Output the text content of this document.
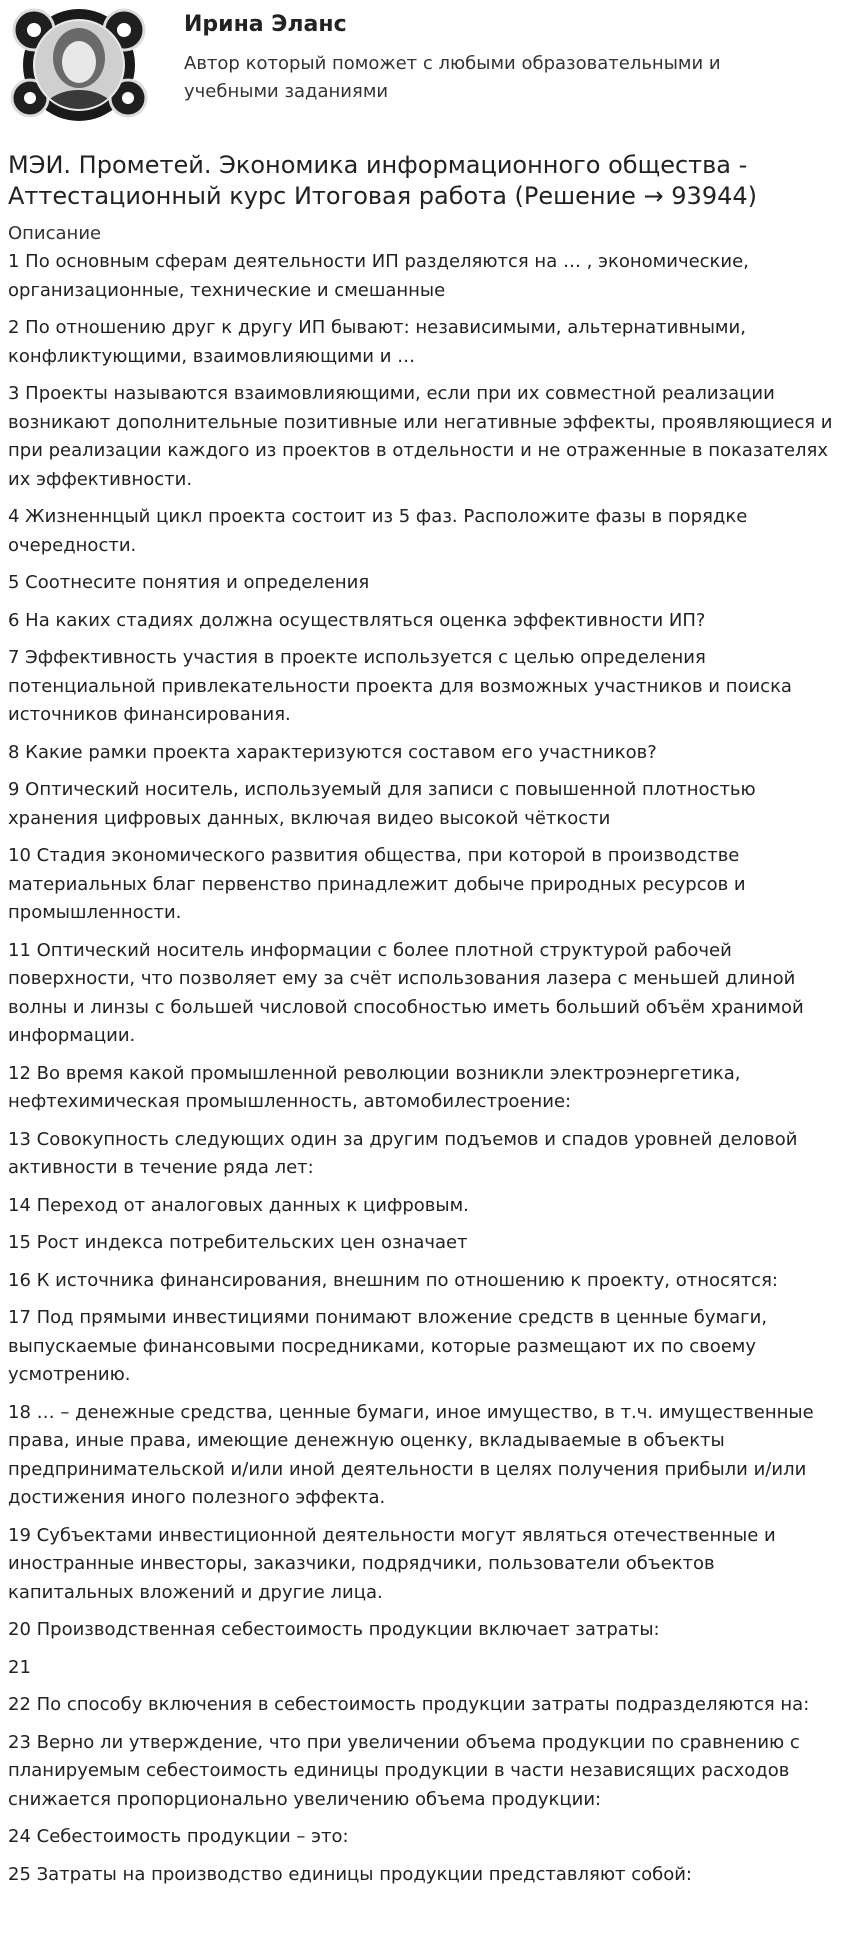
Ирина Эланс
Автор который поможет с любыми образовательными и учебными заданиями
МЭИ. Прометей. Экономика информационного общества - Аттестационный курс Итоговая работа (Решение → 93944)
Описание
1 По основным сферам деятельности ИП разделяются на … , экономические, организационные, технические и смешанные
2 По отношению друг к другу ИП бывают: независимыми, альтернативными, конфликтующими, взаимовлияющими и …
3 Проекты называются взаимовлияющими, если при их совместной реализации возникают дополнительные позитивные или негативные эффекты, проявляющиеся и при реализации каждого из проектов в отдельности и не отраженные в показателях их эффективности.
4 Жизненнцый цикл проекта состоит из 5 фаз. Расположите фазы в порядке очередности.
5 Соотнесите понятия и определения
6 На каких стадиях должна осуществляться оценка эффективности ИП?
7 Эффективность участия в проекте используется с целью определения потенциальной привлекательности проекта для возможных участников и поиска источников финансирования.
8 Какие рамки проекта характеризуются составом его участников?
9 Оптический носитель, используемый для записи с повышенной плотностью хранения цифровых данных, включая видео высокой чёткости
10 Стадия экономического развития общества, при которой в производстве материальных благ первенство принадлежит добыче природных ресурсов и промышленности.
11 Оптический носитель информации с более плотной структурой рабочей поверхности, что позволяет ему за счёт использования лазера с меньшей длиной волны и линзы с большей числовой способностью иметь больший объём хранимой информации.
12 Во время какой промышленной революции возникли электроэнергетика, нефтехимическая промышленность, автомобилестроение:
13 Совокупность следующих один за другим подъемов и спадов уровней деловой активности в течение ряда лет:
14 Переход от аналоговых данных к цифровым.
15 Рост индекса потребительских цен означает
16 К источника финансирования, внешним по отношению к проекту, относятся:
17 Под прямыми инвестициями понимают вложение средств в ценные бумаги, выпускаемые финансовыми посредниками, которые размещают их по своему усмотрению.
18 … – денежные средства, ценные бумаги, иное имущество, в т.ч. имущественные права, иные права, имеющие денежную оценку, вкладываемые в объекты предпринимательской и/или иной деятельности в целях получения прибыли и/или достижения иного полезного эффекта.
19 Субъектами инвестиционной деятельности могут являться отечественные и иностранные инвесторы, заказчики, подрядчики, пользователи объектов капитальных вложений и другие лица.
20 Производственная себестоимость продукции включает затраты:
21
22 По способу включения в себестоимость продукции затраты подразделяются на:
23 Верно ли утверждение, что при увеличении объема продукции по сравнению с планируемым себестоимость единицы продукции в части независящих расходов снижается пропорционально увеличению объема продукции:
24 Себестоимость продукции – это:
25 Затраты на производство единицы продукции представляют собой:
